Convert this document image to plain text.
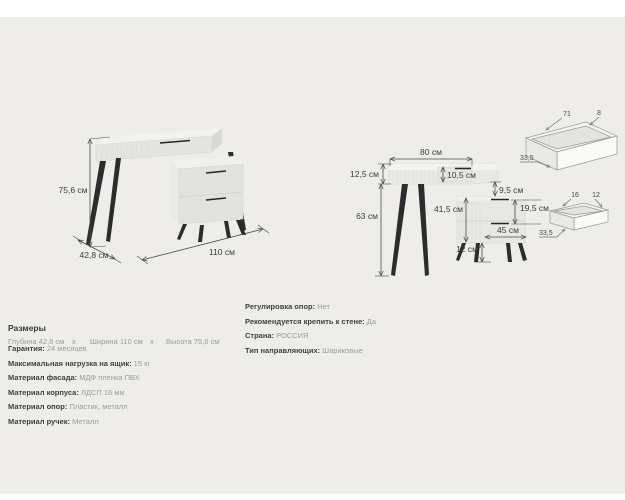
75,6 см
42,8 см	110 см
80 см
12,5 см	10,5 см
63 см
9,5 см
41,5 см	19,5 см
45 см
12 см
71	8
33,5
16 12
33,5
Размеры
Глубина 42,8 см х Ширина 110 см х Высота 75,6 см
Гарантия: 24 месяцев
Максимальная нагрузка на ящик: 15 кг
Материал фасада: МДФ пленка ПВХ
Материал корпуса: ЛДСП 16 мм
Материал опор: Пластик, металл
Материал ручек: Металл
Регулировка опор: Нет
Рекомендуется крепить к стене: Да
Страна: РОССИЯ
Тип направляющих: Шариковые
